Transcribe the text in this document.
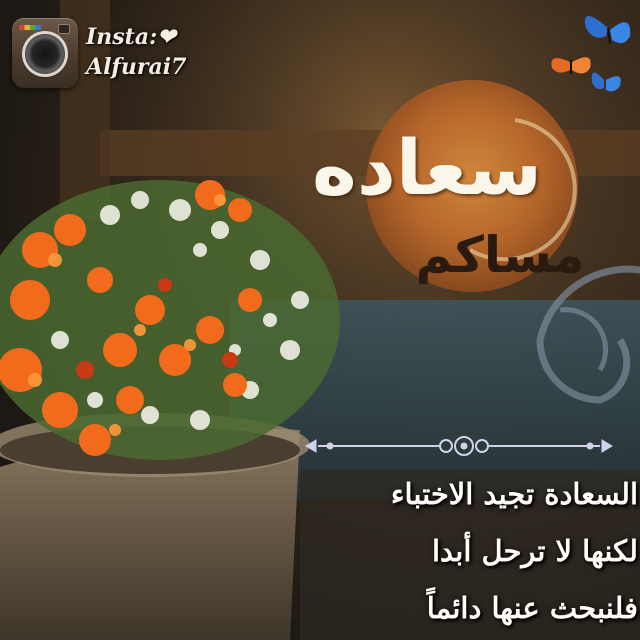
Insta:❤
Alfurai7
سعاده
مساكم
السعادة تجيد الاختباء
لكنها لا ترحل أبدا
فلنبحث عنها دائماً
